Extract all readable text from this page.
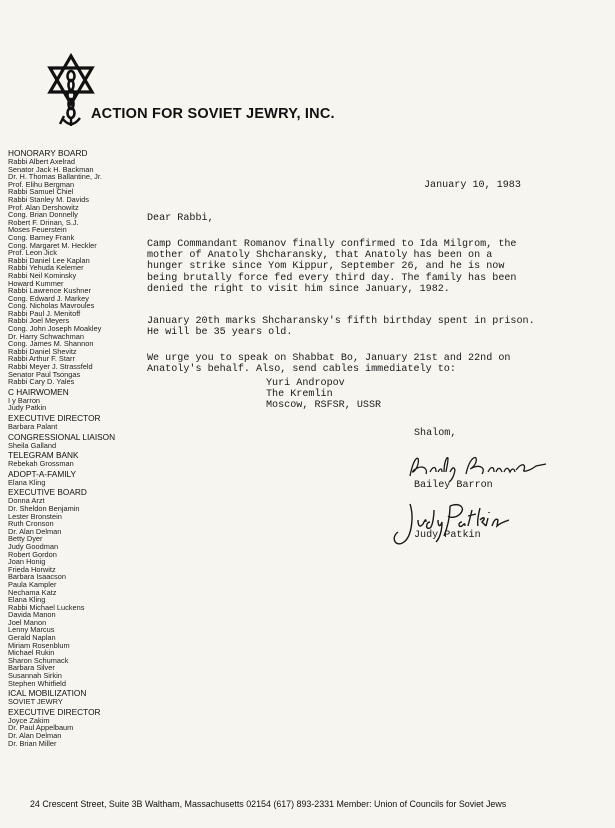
ACTION FOR SOVIET JEWRY, INC.
HONORARY BOARD
Rabbi Albert Axelrad
Senator Jack H. Backman
Dr. H. Thomas Ballantine, Jr.
Prof. Elihu Bergman
Rabbi Samuel Chiel
Rabbi Stanley M. Davids
Prof. Alan Dershowitz
Cong. Brian Donnelly
Robert F. Drinan, S.J.
Moses Feuerstein
Cong. Barney Frank
Cong. Margaret M. Heckler
Prof. Leon Jick
Rabbi Daniel Lee Kaplan
Rabbi Yehuda Kelemer
Rabbi Neil Kominsky
Howard Kummer
Rabbi Lawrence Kushner
Cong. Edward J. Markey
Cong. Nicholas Mavroules
Rabbi Paul J. Menitoff
Rabbi Joel Meyers
Cong. John Joseph Moakley
Dr. Harry Schwachman
Cong. James M. Shannon
Rabbi Daniel Shevitz
Rabbi Arthur F. Starr
Rabbi Meyer J. Strassfeld
Senator Paul Tsongas
Rabbi Cary D. Yales
C HAIRWOMEN
I y Barron
Judy Patkin
EXECUTIVE DIRECTOR
Barbara Palant
CONGRESSIONAL LIAISON
Sheila Galland
TELEGRAM BANK
Rebekah Grossman
ADOPT-A-FAMILY
Elana Kling
EXECUTIVE BOARD
Donna Arzt
Dr. Sheldon Benjamin
Lester Bronstein
Ruth Cronson
Dr. Alan Delman
Betty Dyer
Judy Goodman
Robert Gordon
Joan Honig
Frieda Horwitz
Barbara Isaacson
Paula Kampler
Nechama Katz
Elana Kling
Rabbi Michael Luckens
Davida Manon
Joel Manon
Lenny Marcus
Gerald Naplan
Miriam Rosenblum
Michael Rukin
Sharon Schumack
Barbara Silver
Susannah Sirkin
Stephen Whitfield
ICAL MOBILIZATION
SOVIET JEWRY
EXECUTIVE DIRECTOR
Joyce Zakim
Dr. Paul Appelbaum
Dr. Alan Delman
Dr. Brian Miller
January 10, 1983
Dear Rabbi,

Camp Commandant Romanov finally confirmed to Ida Milgrom, the

mother of Anatoly Shcharansky, that Anatoly has been on a

hunger strike since Yom Kippur, September 26, and he is now

being brutally force fed every third day. The family has been

denied the right to visit him since January, 1982.

January 20th marks Shcharansky's fifth birthday spent in prison.

He will be 35 years old.

We urge you to speak on Shabbat Bo, January 21st and 22nd on

Anatoly's behalf. Also, send cables immediately to:

Yuri Andropov

The Kremlin

Moscow, RSFSR, USSR

Shalom,
Bailey Barron
Judy Patkin
24 Crescent Street, Suite 3B Waltham, Massachusetts 02154 (617) 893-2331 Member: Union of Councils for Soviet Jews
